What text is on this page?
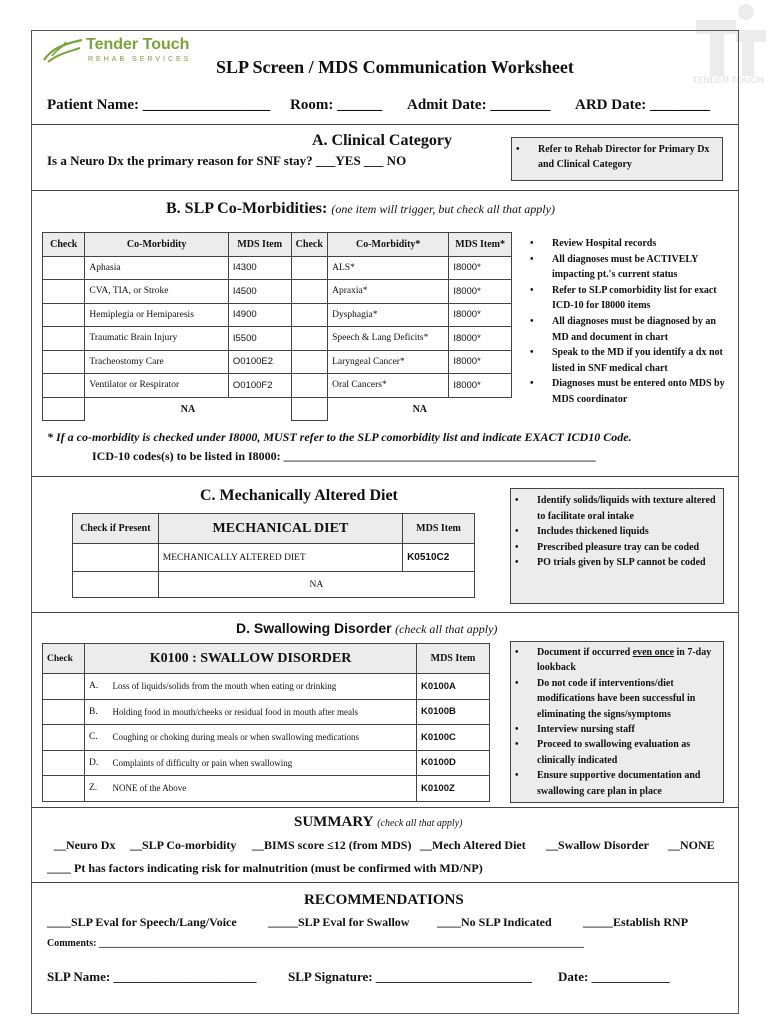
TENDER TOUCH
Tender Touch
REHAB SERVICES SLP Screen / MDS Communication Worksheet
Patient Name: _________________ Room: ______ Admit Date: ________ ARD Date: ________
A. Clinical Category
Is a Neuro Dx the primary reason for SNF stay? ___YES ___ NO
• Refer to Rehab Director for Primary Dx and Clinical Category
B. SLP Co-Morbidities: (one item will trigger, but check all that apply)
Check	Co-Morbidity	MDS Item	Check	Co-Morbidity*	MDS Item*
	Aphasia	I4300		ALS*	I8000*
	CVA, TIA, or Stroke	I4500		Apraxia*	I8000*
	Hemiplegia or Hemiparesis	I4900		Dysphagia*	I8000*
	Traumatic Brain Injury	I5500		Speech & Lang Deficits*	I8000*
	Tracheostomy Care	O0100E2		Laryngeal Cancer*	I8000*
	Ventilator or Respirator	O0100F2		Oral Cancers*	I8000*
	NA			NA	
• Review Hospital records
• All diagnoses must be ACTIVELY impacting pt.'s current status
• Refer to SLP comorbidity list for exact ICD-10 for I8000 items
• All diagnoses must be diagnosed by an MD and document in chart
• Speak to the MD if you identify a dx not listed in SNF medical chart
• Diagnoses must be entered onto MDS by MDS coordinator
* If a co-morbidity is checked under I8000, MUST refer to the SLP comorbidity list and indicate EXACT ICD10 Code.
ICD-10 codes(s) to be listed in I8000: ____________________________________________________
C. Mechanically Altered Diet
Check if Present	MECHANICAL DIET	MDS Item
	MECHANICALLY ALTERED DIET	K0510C2
	NA	
• Identify solids/liquids with texture altered to facilitate oral intake
• Includes thickened liquids
• Prescribed pleasure tray can be coded
• PO trials given by SLP cannot be coded
D. Swallowing Disorder (check all that apply)
Check	K0100 : SWALLOW DISORDER		MDS Item
	A.	Loss of liquids/solids from the mouth when eating or drinking	K0100A
	B.	Holding food in mouth/cheeks or residual food in mouth after meals	K0100B
	C.	Coughing or choking during meals or when swallowing medications	K0100C
	D.	Complaints of difficulty or pain when swallowing	K0100D
	Z.	NONE of the Above	K0100Z
• Document if occurred even once in 7-day lookback
• Do not code if interventions/diet modifications have been successful in eliminating the signs/symptoms
• Interview nursing staff
• Proceed to swallowing evaluation as clinically indicated
• Ensure supportive documentation and swallowing care plan in place
SUMMARY (check all that apply)
__Neuro Dx __SLP Co-morbidity __BIMS score ≤12 (from MDS) __Mech Altered Diet __Swallow Disorder __NONE
____ Pt has factors indicating risk for malnutrition (must be confirmed with MD/NP)
RECOMMENDATIONS
____SLP Eval for Speech/Lang/Voice	_____SLP Eval for Swallow ____No SLP Indicated	_____Establish RNP
Comments: _________________________________________________________________________________________________
SLP Name: ______________________ SLP Signature: ________________________ Date: ____________
